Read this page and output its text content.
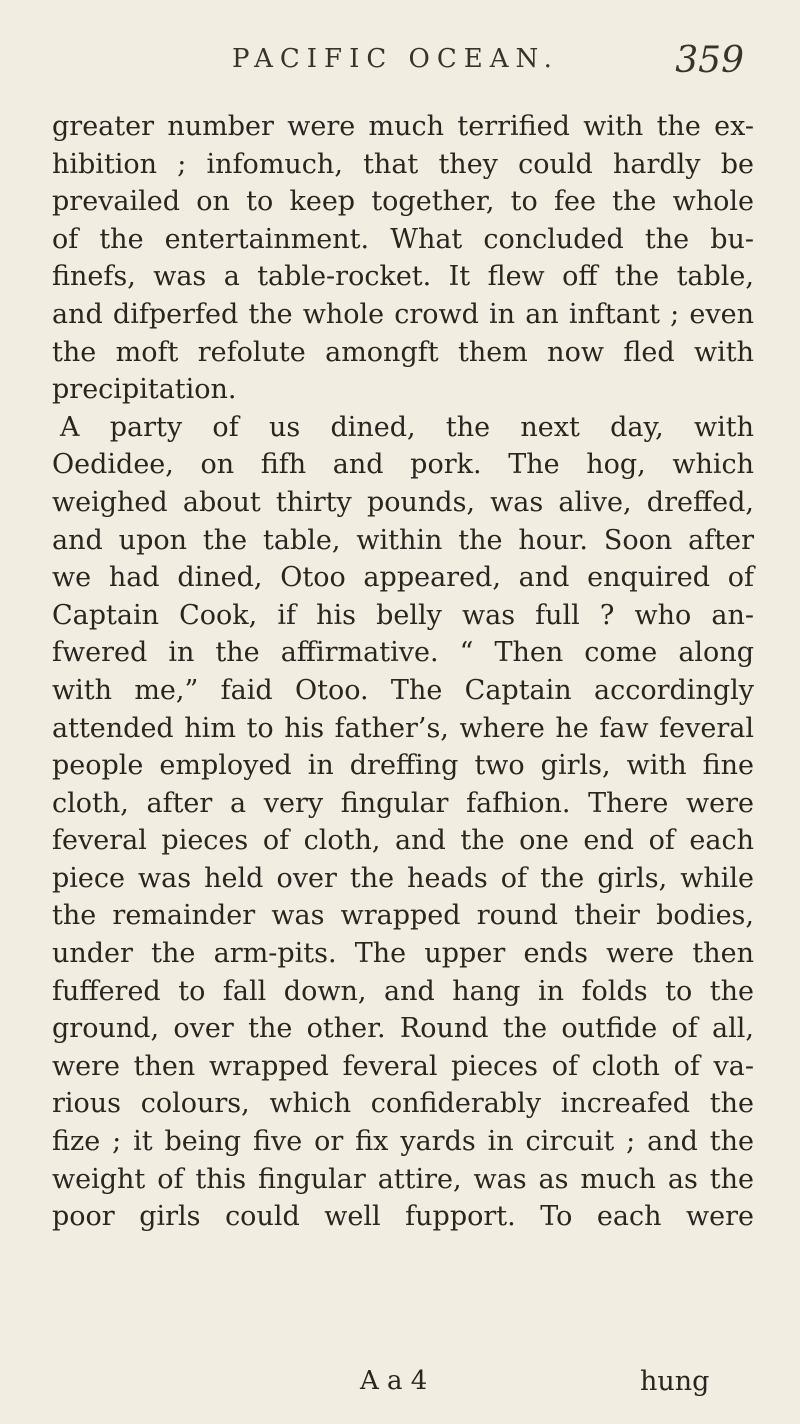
PACIFIC OCEAN.	359
greater number were much terrified with the ex-
hibition ; infomuch, that they could hardly be
prevailed on to keep together, to fee the whole
of the entertainment. What concluded the bu-
finefs, was a table-rocket. It flew off the table,
and difperfed the whole crowd in an inftant ; even
the moft refolute amongft them now fled with
precipitation.
A party of us dined, the next day, with
Oedidee, on fifh and pork. The hog, which
weighed about thirty pounds, was alive, dreffed,
and upon the table, within the hour. Soon after
we had dined, Otoo appeared, and enquired of
Captain Cook, if his belly was full ? who an-
fwered in the affirmative. “ Then come along
with me,” faid Otoo. The Captain accordingly
attended him to his father’s, where he faw feveral
people employed in dreffing two girls, with fine
cloth, after a very fingular fafhion. There were
feveral pieces of cloth, and the one end of each
piece was held over the heads of the girls, while
the remainder was wrapped round their bodies,
under the arm-pits. The upper ends were then
fuffered to fall down, and hang in folds to the
ground, over the other. Round the outfide of all,
were then wrapped feveral pieces of cloth of va-
rious colours, which confiderably increafed the
fize ; it being five or fix yards in circuit ; and the
weight of this fingular attire, was as much as the
poor girls could well fupport. To each were
A a 4	hung
